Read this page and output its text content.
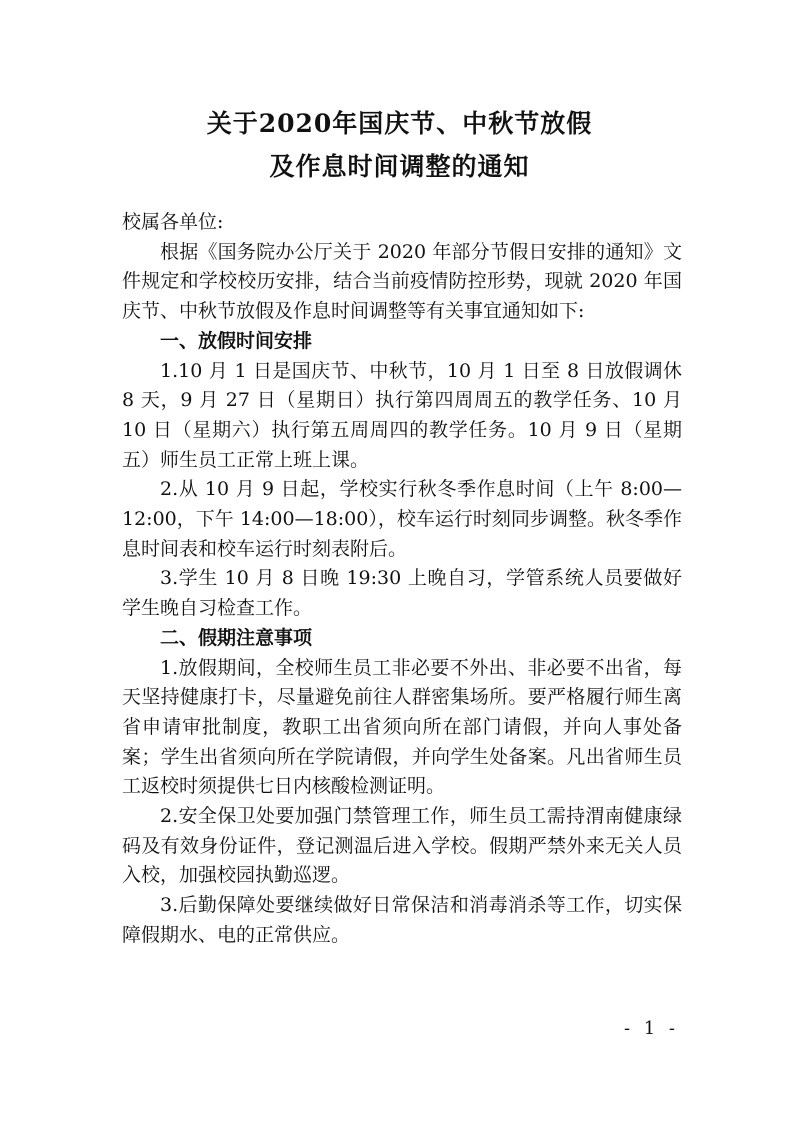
关于2020年国庆节、中秋节放假
及作息时间调整的通知

校属各单位:

根据《国务院办公厅关于 2020 年部分节假日安排的通知》文件规定和学校校历安排，结合当前疫情防控形势，现就 2020 年国庆节、中秋节放假及作息时间调整等有关事宜通知如下:

一、放假时间安排

1.10 月 1 日是国庆节、中秋节，10 月 1 日至 8 日放假调休 8 天，9 月 27 日（星期日）执行第四周周五的教学任务、10 月 10 日（星期六）执行第五周周四的教学任务。10 月 9 日（星期五）师生员工正常上班上课。

2.从 10 月 9 日起，学校实行秋冬季作息时间（上午 8:00—12:00，下午 14:00—18:00），校车运行时刻同步调整。秋冬季作息时间表和校车运行时刻表附后。

3.学生 10 月 8 日晚 19:30 上晚自习，学管系统人员要做好学生晚自习检查工作。

二、假期注意事项

1.放假期间，全校师生员工非必要不外出、非必要不出省，每天坚持健康打卡，尽量避免前往人群密集场所。要严格履行师生离省申请审批制度，教职工出省须向所在部门请假，并向人事处备案；学生出省须向所在学院请假，并向学生处备案。凡出省师生员工返校时须提供七日内核酸检测证明。

2.安全保卫处要加强门禁管理工作，师生员工需持渭南健康绿码及有效身份证件，登记测温后进入学校。假期严禁外来无关人员入校，加强校园执勤巡逻。

3.后勤保障处要继续做好日常保洁和消毒消杀等工作，切实保障假期水、电的正常供应。

- 1 -
